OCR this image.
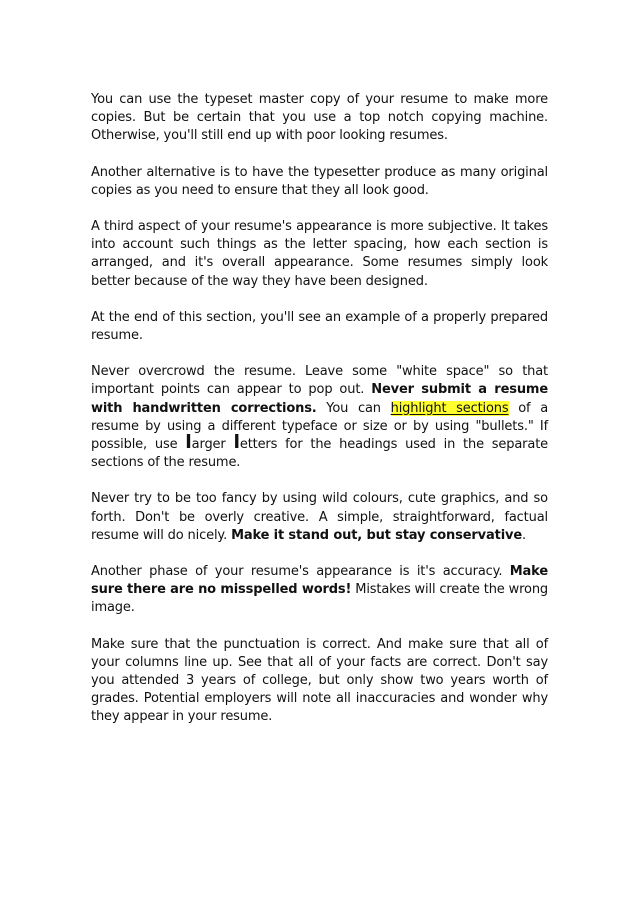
You can use the typeset master copy of your resume to make more copies. But be certain that you use a top notch copying machine. Otherwise, you'll still end up with poor looking resumes.

Another alternative is to have the typesetter produce as many original copies as you need to ensure that they all look good.

A third aspect of your resume's appearance is more subjective. It takes into account such things as the letter spacing, how each section is arranged, and it's overall appearance. Some resumes simply look better because of the way they have been designed.

At the end of this section, you'll see an example of a properly prepared resume.

Never overcrowd the resume. Leave some "white space" so that important points can appear to pop out. Never submit a resume with handwritten corrections. You can highlight sections of a resume by using a different typeface or size or by using "bullets." If possible, use larger letters for the headings used in the separate sections of the resume.

Never try to be too fancy by using wild colours, cute graphics, and so forth. Don't be overly creative. A simple, straightforward, factual resume will do nicely. Make it stand out, but stay conservative.

Another phase of your resume's appearance is it's accuracy. Make sure there are no misspelled words! Mistakes will create the wrong image.

Make sure that the punctuation is correct. And make sure that all of your columns line up. See that all of your facts are correct. Don't say you attended 3 years of college, but only show two years worth of grades. Potential employers will note all inaccuracies and wonder why they appear in your resume.
